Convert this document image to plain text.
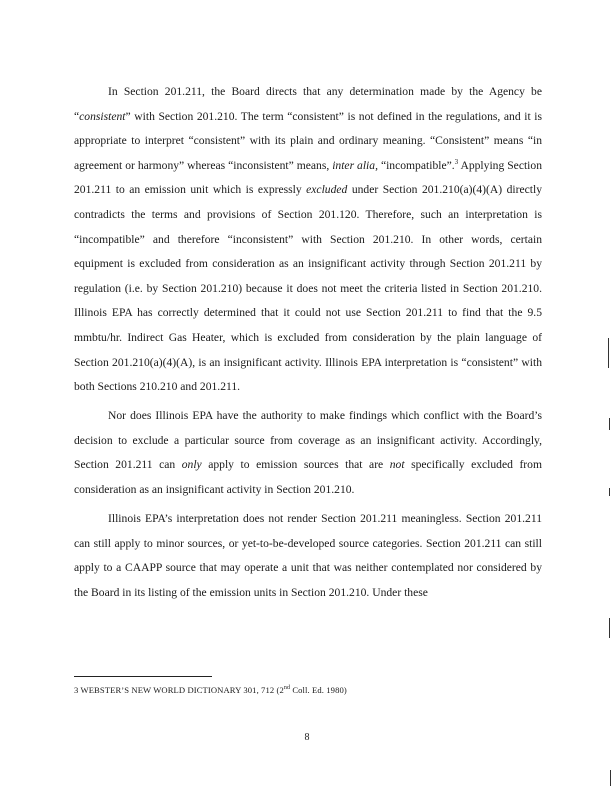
In Section 201.211, the Board directs that any determination made by the Agency be “consistent” with Section 201.210. The term “consistent” is not defined in the regulations, and it is appropriate to interpret “consistent” with its plain and ordinary meaning. “Consistent” means “in agreement or harmony” whereas “inconsistent” means, inter alia, “incompatible”.$^3$ Applying Section 201.211 to an emission unit which is expressly excluded under Section 201.210(a)(4)(A) directly contradicts the terms and provisions of Section 201.120. Therefore, such an interpretation is “incompatible” and therefore “inconsistent” with Section 201.210. In other words, certain equipment is excluded from consideration as an insignificant activity through Section 201.211 by regulation (i.e. by Section 201.210) because it does not meet the criteria listed in Section 201.210. Illinois EPA has correctly determined that it could not use Section 201.211 to find that the 9.5 mmbtu/hr. Indirect Gas Heater, which is excluded from consideration by the plain language of Section 201.210(a)(4)(A), is an insignificant activity. Illinois EPA interpretation is “consistent” with both Sections 210.210 and 201.211.

Nor does Illinois EPA have the authority to make findings which conflict with the Board’s decision to exclude a particular source from coverage as an insignificant activity. Accordingly, Section 201.211 can only apply to emission sources that are not specifically excluded from consideration as an insignificant activity in Section 201.210.

Illinois EPA’s interpretation does not render Section 201.211 meaningless. Section 201.211 can still apply to minor sources, or yet-to-be-developed source categories. Section 201.211 can still apply to a CAAPP source that may operate a unit that was neither contemplated nor considered by the Board in its listing of the emission units in Section 201.210. Under these

3 WEBSTER’S NEW WORLD DICTIONARY 301, 712 (2nd Coll. Ed. 1980)
8
